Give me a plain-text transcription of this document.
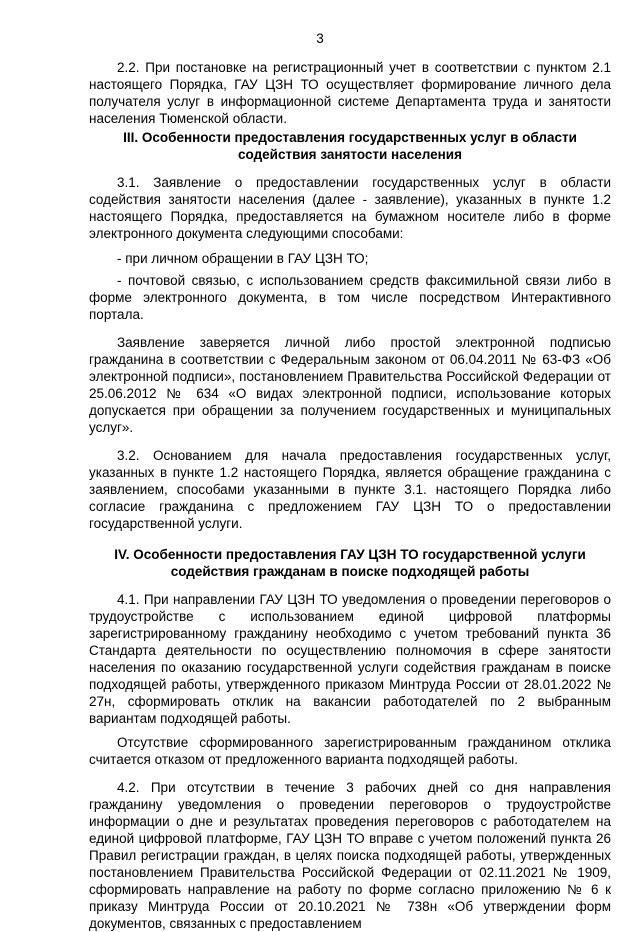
3

2.2. При постановке на регистрационный учет в соответствии с пунктом 2.1 настоящего Порядка, ГАУ ЦЗН ТО осуществляет формирование личного дела получателя услуг в информационной системе Департамента труда и занятости населения Тюменской области.

III. Особенности предоставления государственных услуг в области содействия занятости населения

3.1. Заявление о предоставлении государственных услуг в области содействия занятости населения (далее - заявление), указанных в пункте 1.2 настоящего Порядка, предоставляется на бумажном носителе либо в форме электронного документа следующими способами:

- при личном обращении в ГАУ ЦЗН ТО;

- почтовой связью, с использованием средств факсимильной связи либо в форме электронного документа, в том числе посредством Интерактивного портала.

Заявление заверяется личной либо простой электронной подписью гражданина в соответствии с Федеральным законом от 06.04.2011 № 63-ФЗ «Об электронной подписи», постановлением Правительства Российской Федерации от 25.06.2012 № 634 «О видах электронной подписи, использование которых допускается при обращении за получением государственных и муниципальных услуг».

3.2. Основанием для начала предоставления государственных услуг, указанных в пункте 1.2 настоящего Порядка, является обращение гражданина с заявлением, способами указанными в пункте 3.1. настоящего Порядка либо согласие гражданина с предложением ГАУ ЦЗН ТО о предоставлении государственной услуги.

IV. Особенности предоставления ГАУ ЦЗН ТО государственной услуги содействия гражданам в поиске подходящей работы

4.1. При направлении ГАУ ЦЗН ТО уведомления о проведении переговоров о трудоустройстве с использованием единой цифровой платформы зарегистрированному гражданину необходимо с учетом требований пункта 36 Стандарта деятельности по осуществлению полномочия в сфере занятости населения по оказанию государственной услуги содействия гражданам в поиске подходящей работы, утвержденного приказом Минтруда России от 28.01.2022 № 27н, сформировать отклик на вакансии работодателей по 2 выбранным вариантам подходящей работы.

Отсутствие сформированного зарегистрированным гражданином отклика считается отказом от предложенного варианта подходящей работы.

4.2. При отсутствии в течение 3 рабочих дней со дня направления гражданину уведомления о проведении переговоров о трудоустройстве информации о дне и результатах проведения переговоров с работодателем на единой цифровой платформе, ГАУ ЦЗН ТО вправе с учетом положений пункта 26 Правил регистрации граждан, в целях поиска подходящей работы, утвержденных постановлением Правительства Российской Федерации от 02.11.2021 № 1909, сформировать направление на работу по форме согласно приложению № 6 к приказу Минтруда России от 20.10.2021 № 738н «Об утверждении форм документов, связанных с предоставлением
